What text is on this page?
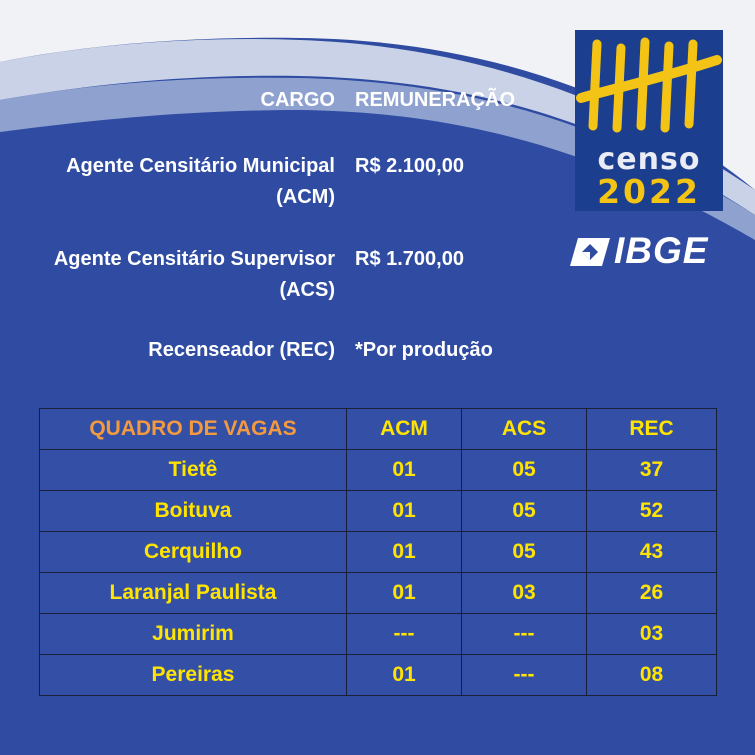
CARGO REMUNERAÇÃO
Agente Censitário Municipal
(ACM)
R$ 2.100,00
Agente Censitário Supervisor
(ACS)
R$ 1.700,00
Recenseador (REC) *Por produção
censo
2022
IBGE
QUADRO DE VAGAS	ACM	ACS	REC
Tietê	01	05	37
Boituva	01	05	52
Cerquilho	01	05	43
Laranjal Paulista	01	03	26
Jumirim	---	---	03
Pereiras	01	---	08
